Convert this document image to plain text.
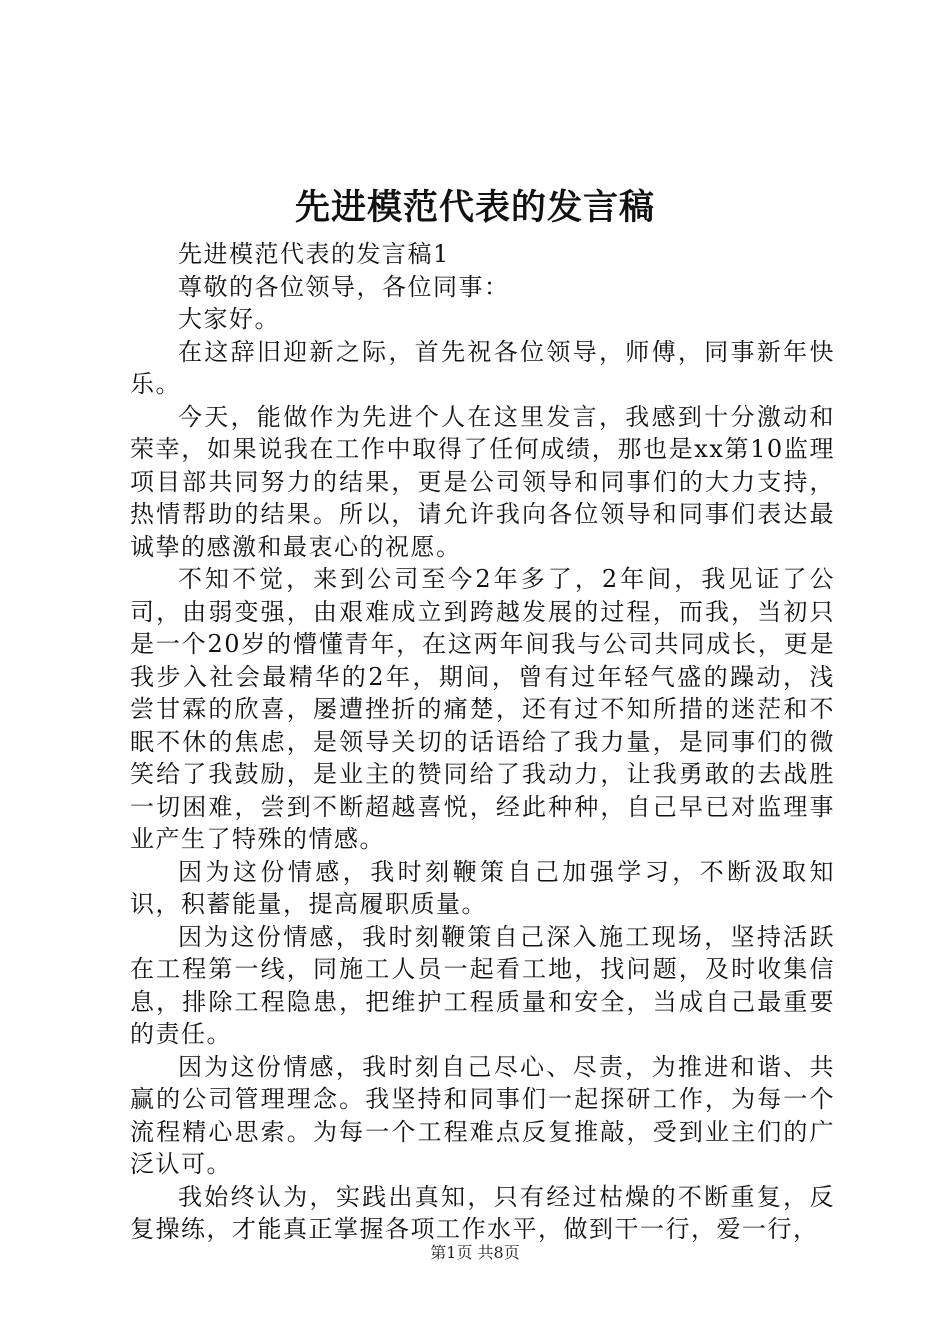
先进模范代表的发言稿

先进模范代表的发言稿1

尊敬的各位领导，各位同事：

大家好。

在这辞旧迎新之际，首先祝各位领导，师傅，同事新年快乐。

今天，能做作为先进个人在这里发言，我感到十分激动和荣幸，如果说我在工作中取得了任何成绩，那也是xx第10监理项目部共同努力的结果，更是公司领导和同事们的大力支持，热情帮助的结果。所以，请允许我向各位领导和同事们表达最诚挚的感激和最衷心的祝愿。

不知不觉，来到公司至今2年多了，2年间，我见证了公司，由弱变强，由艰难成立到跨越发展的过程，而我，当初只是一个20岁的懵懂青年，在这两年间我与公司共同成长，更是我步入社会最精华的2年，期间，曾有过年轻气盛的躁动，浅尝甘霖的欣喜，屡遭挫折的痛楚，还有过不知所措的迷茫和不眠不休的焦虑，是领导关切的话语给了我力量，是同事们的微笑给了我鼓励，是业主的赞同给了我动力，让我勇敢的去战胜一切困难，尝到不断超越喜悦，经此种种，自己早已对监理事业产生了特殊的情感。

因为这份情感，我时刻鞭策自己加强学习，不断汲取知识，积蓄能量，提高履职质量。

因为这份情感，我时刻鞭策自己深入施工现场，坚持活跃在工程第一线，同施工人员一起看工地，找问题，及时收集信息，排除工程隐患，把维护工程质量和安全，当成自己最重要的责任。

因为这份情感，我时刻自己尽心、尽责，为推进和谐、共赢的公司管理理念。我坚持和同事们一起探研工作，为每一个流程精心思索。为每一个工程难点反复推敲，受到业主们的广泛认可。

我始终认为，实践出真知，只有经过枯燥的不断重复，反复操练，才能真正掌握各项工作水平，做到干一行，爱一行，

第1页 共8页
